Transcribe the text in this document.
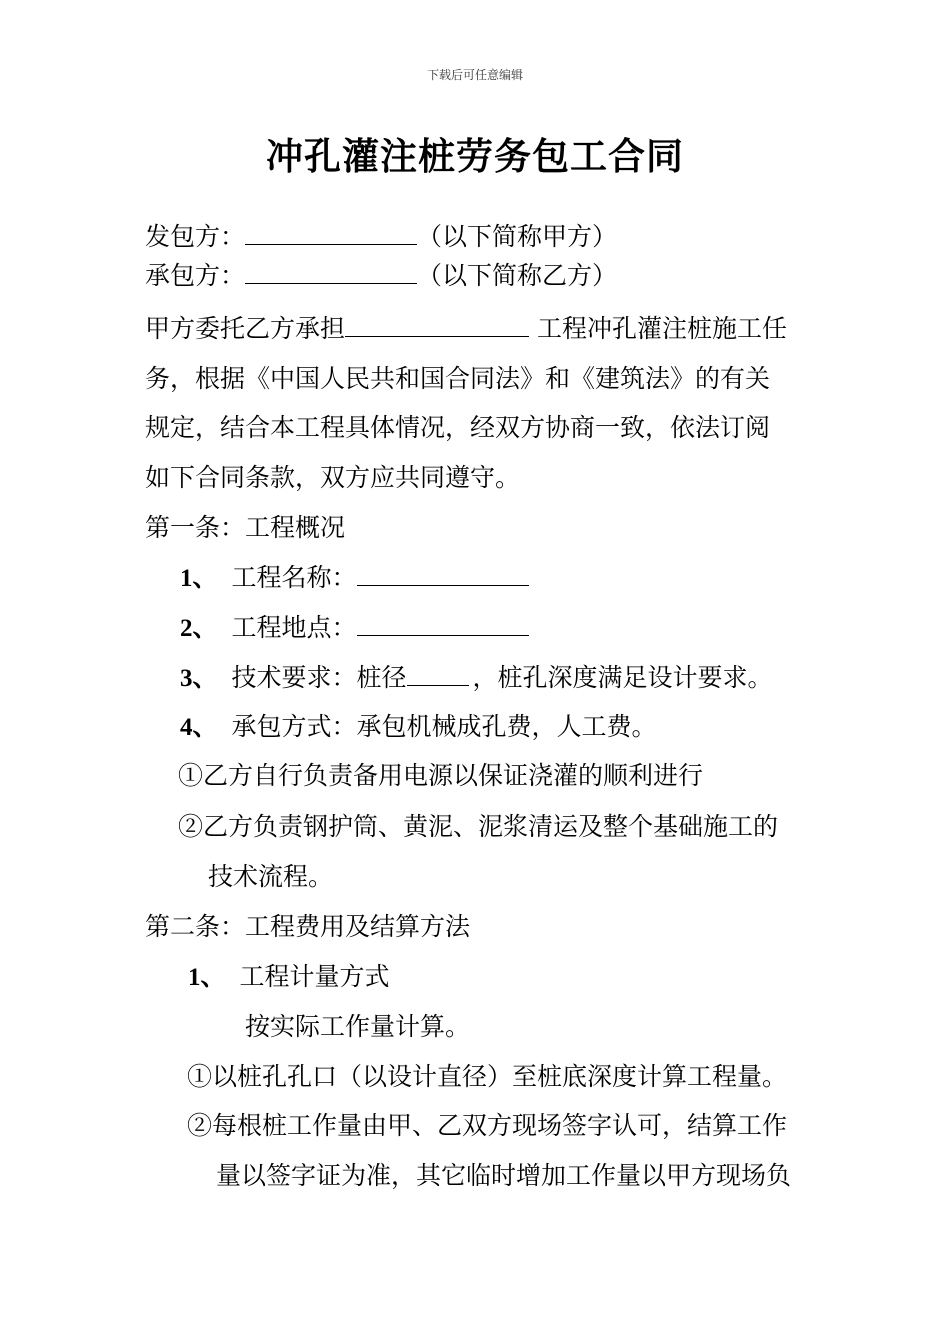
下载后可任意编辑
冲孔灌注桩劳务包工合同
发包方：	（以下简称甲方）
承包方：	（以下简称乙方）
甲方委托乙方承担	工程冲孔灌注桩施工任
务，根据《中国人民共和国合同法》和《建筑法》的有关
规定，结合本工程具体情况，经双方协商一致，依法订阅
如下合同条款，双方应共同遵守。
第一条：工程概况
1、 工程名称：
2、 工程地点：
3、 技术要求：桩径	，桩孔深度满足设计要求。
4、 承包方式：承包机械成孔费，人工费。
①乙方自行负责备用电源以保证浇灌的顺利进行
②乙方负责钢护筒、黄泥、泥浆清运及整个基础施工的
技术流程。
第二条：工程费用及结算方法
1、 工程计量方式
按实际工作量计算。
①以桩孔孔口（以设计直径）至桩底深度计算工程量。
②每根桩工作量由甲、乙双方现场签字认可，结算工作
量以签字证为准，其它临时增加工作量以甲方现场负
